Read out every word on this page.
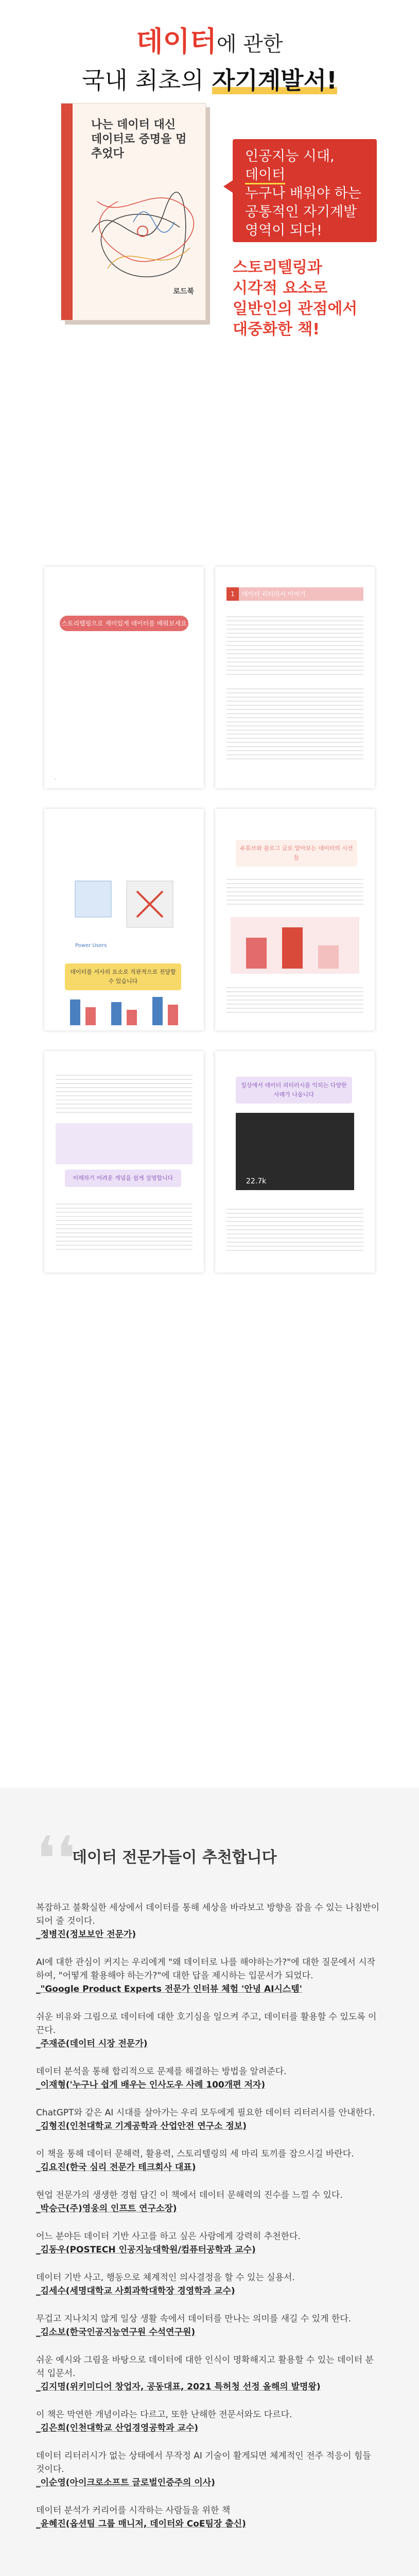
데이터에 관한
국내 최초의 자기계발서!
나는 데이터 대신
데이터로 증명을 멈추었다
로드북
인공지능 시대,
데이터
누구나 배워야 하는
공통적인 자기계발
영역이 되다!
스토리텔링과
시각적 요소로
일반인의 관점에서
대중화한 책!
스토리텔링으로 재미있게 데이터를 배워보세요
-
1	데이터 리터러시 이야기
Power Users
데이터를 서사의 요소로 직관적으로 전달할 수 있습니다
유튜브와 블로그 글로 알아보는 데이터의 시선들
이해하기 어려운 개념을 쉽게 설명합니다
일상에서 데이터 리터러시를 익히는 다양한 사례가 나옵니다
22.7k
❛❛
데이터 전문가들이 추천합니다
복잡하고 불확실한 세상에서 데이터를 통해 세상을 바라보고 방향을 잡을 수 있는 나침반이 되어 줄 것이다.
_정병진(정보보안 전문가)
AI에 대한 관심이 커지는 우리에게 "왜 데이터로 나를 해야하는가?"에 대한 질문에서 시작하여, "어떻게 활용해야 하는가?"에 대한 답을 제시하는 입문서가 되었다.
_"Google Product Experts 전문가 인터뷰 체험 '안녕 AI시스템'
쉬운 비유와 그림으로 데이터에 대한 호기심을 일으켜 주고, 데이터를 활용할 수 있도록 이끈다.
_주재준(데이터 시장 전문가)
데이터 분석을 통해 합리적으로 문제를 해결하는 방법을 알려준다.
_이재형('누구나 쉽게 배우는 인사도우 사례 100개편 저자)
ChatGPT와 같은 AI 시대를 살아가는 우리 모두에게 필요한 데이터 리터러시를 안내한다.
_김형진(인천대학교 기계공학과 산업안전 연구소 정보)
이 책을 통해 데이터 문해력, 활용력, 스토리텔링의 세 마리 토끼를 잡으시길 바란다.
_김요진(한국 심리 전문가 테크회사 대표)
현업 전문가의 생생한 경험 담긴 이 책에서 데이터 문해력의 진수를 느낄 수 있다.
_박승근(주)영웅의 인프트 연구소장)
어느 분야든 데이터 기반 사고를 하고 싶은 사람에게 강력히 추천한다.
_김동우(POSTECH 인공지능대학원/컴퓨터공학과 교수)
데이터 기반 사고, 행동으로 체계적인 의사결정을 할 수 있는 실용서.
_김세수(세명대학교 사회과학대학장 경영학과 교수)
무겁고 지나치지 않게 일상 생활 속에서 데이터를 만나는 의미를 새길 수 있게 한다.
_김소보(한국인공지능연구원 수석연구원)
쉬운 예시와 그림을 바탕으로 데이터에 대한 인식이 명확해지고 활용할 수 있는 데이터 분석 입문서.
_김지명(위키미디어 창업자, 공동대표, 2021 특허청 선정 올해의 발명왕)
이 책은 막연한 개념이라는 다르고, 또한 난해한 전문서와도 다르다.
_김은희(인천대학교 산업경영공학과 교수)
데이터 리터러시가 없는 상태에서 무작정 AI 기술이 활게되면 체계적인 전주 적응이 힘들 것이다.
_이순영(아이크로소프트 글로벌인증주의 이사)
데이터 분석가 커리어를 시작하는 사람들을 위한 책
_윤혜진(옵션팀 그룹 매니저, 데이터와 CoE팀장 출신)
